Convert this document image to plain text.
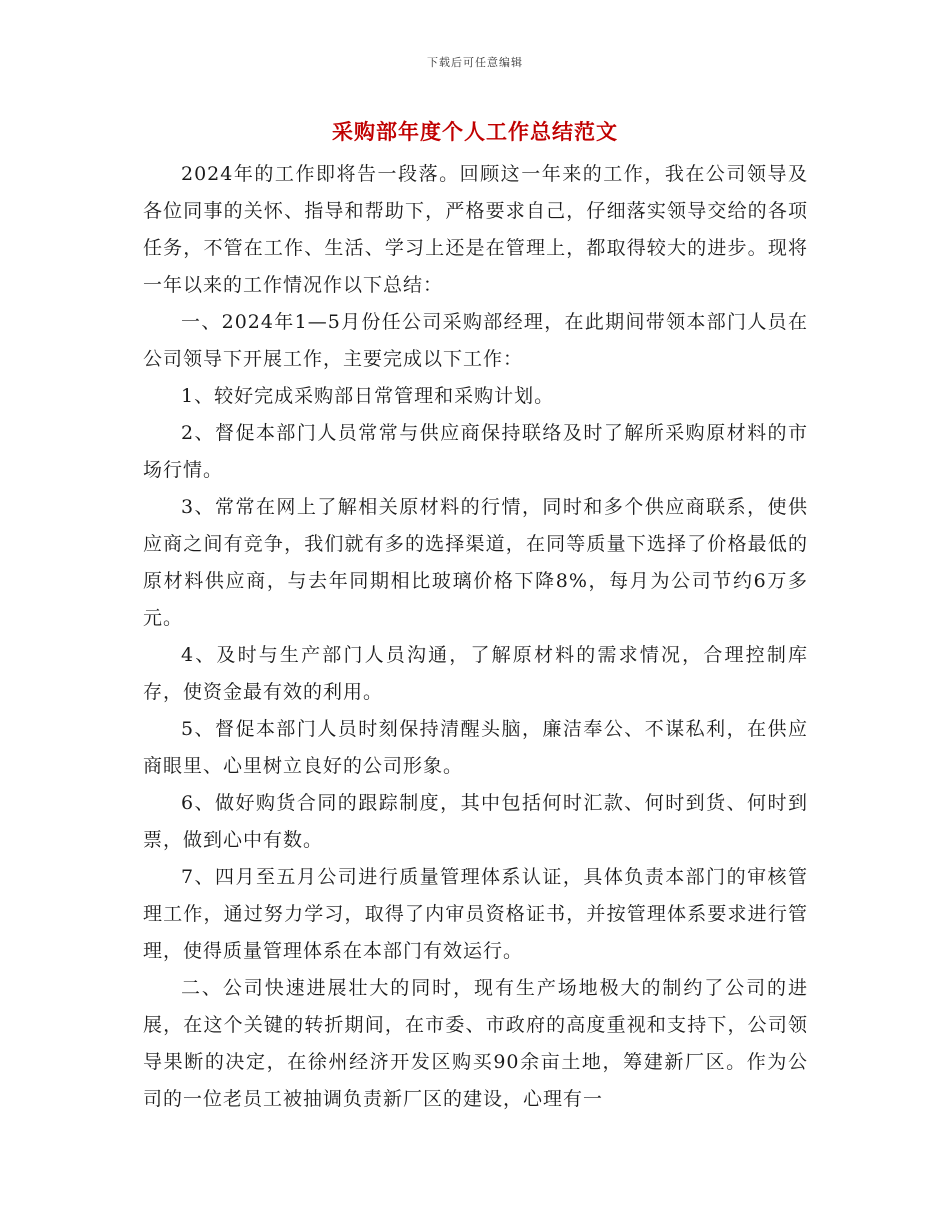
下载后可任意编辑
采购部年度个人工作总结范文

2024年的工作即将告一段落。回顾这一年来的工作，我在公司领导及各位同事的关怀、指导和帮助下，严格要求自己，仔细落实领导交给的各项任务，不管在工作、生活、学习上还是在管理上，都取得较大的进步。现将一年以来的工作情况作以下总结：

一、2024年1—5月份任公司采购部经理，在此期间带领本部门人员在公司领导下开展工作，主要完成以下工作：

1、较好完成采购部日常管理和采购计划。

2、督促本部门人员常常与供应商保持联络及时了解所采购原材料的市场行情。

3、常常在网上了解相关原材料的行情，同时和多个供应商联系，使供应商之间有竞争，我们就有多的选择渠道，在同等质量下选择了价格最低的原材料供应商，与去年同期相比玻璃价格下降8%，每月为公司节约6万多元。

4、及时与生产部门人员沟通，了解原材料的需求情况，合理控制库存，使资金最有效的利用。

5、督促本部门人员时刻保持清醒头脑，廉洁奉公、不谋私利，在供应商眼里、心里树立良好的公司形象。

6、做好购货合同的跟踪制度，其中包括何时汇款、何时到货、何时到票，做到心中有数。

7、四月至五月公司进行质量管理体系认证，具体负责本部门的审核管理工作，通过努力学习，取得了内审员资格证书，并按管理体系要求进行管理，使得质量管理体系在本部门有效运行。

二、公司快速进展壮大的同时，现有生产场地极大的制约了公司的进展，在这个关键的转折期间，在市委、市政府的高度重视和支持下，公司领导果断的决定，在徐州经济开发区购买90余亩土地，筹建新厂区。作为公司的一位老员工被抽调负责新厂区的建设，心理有一
